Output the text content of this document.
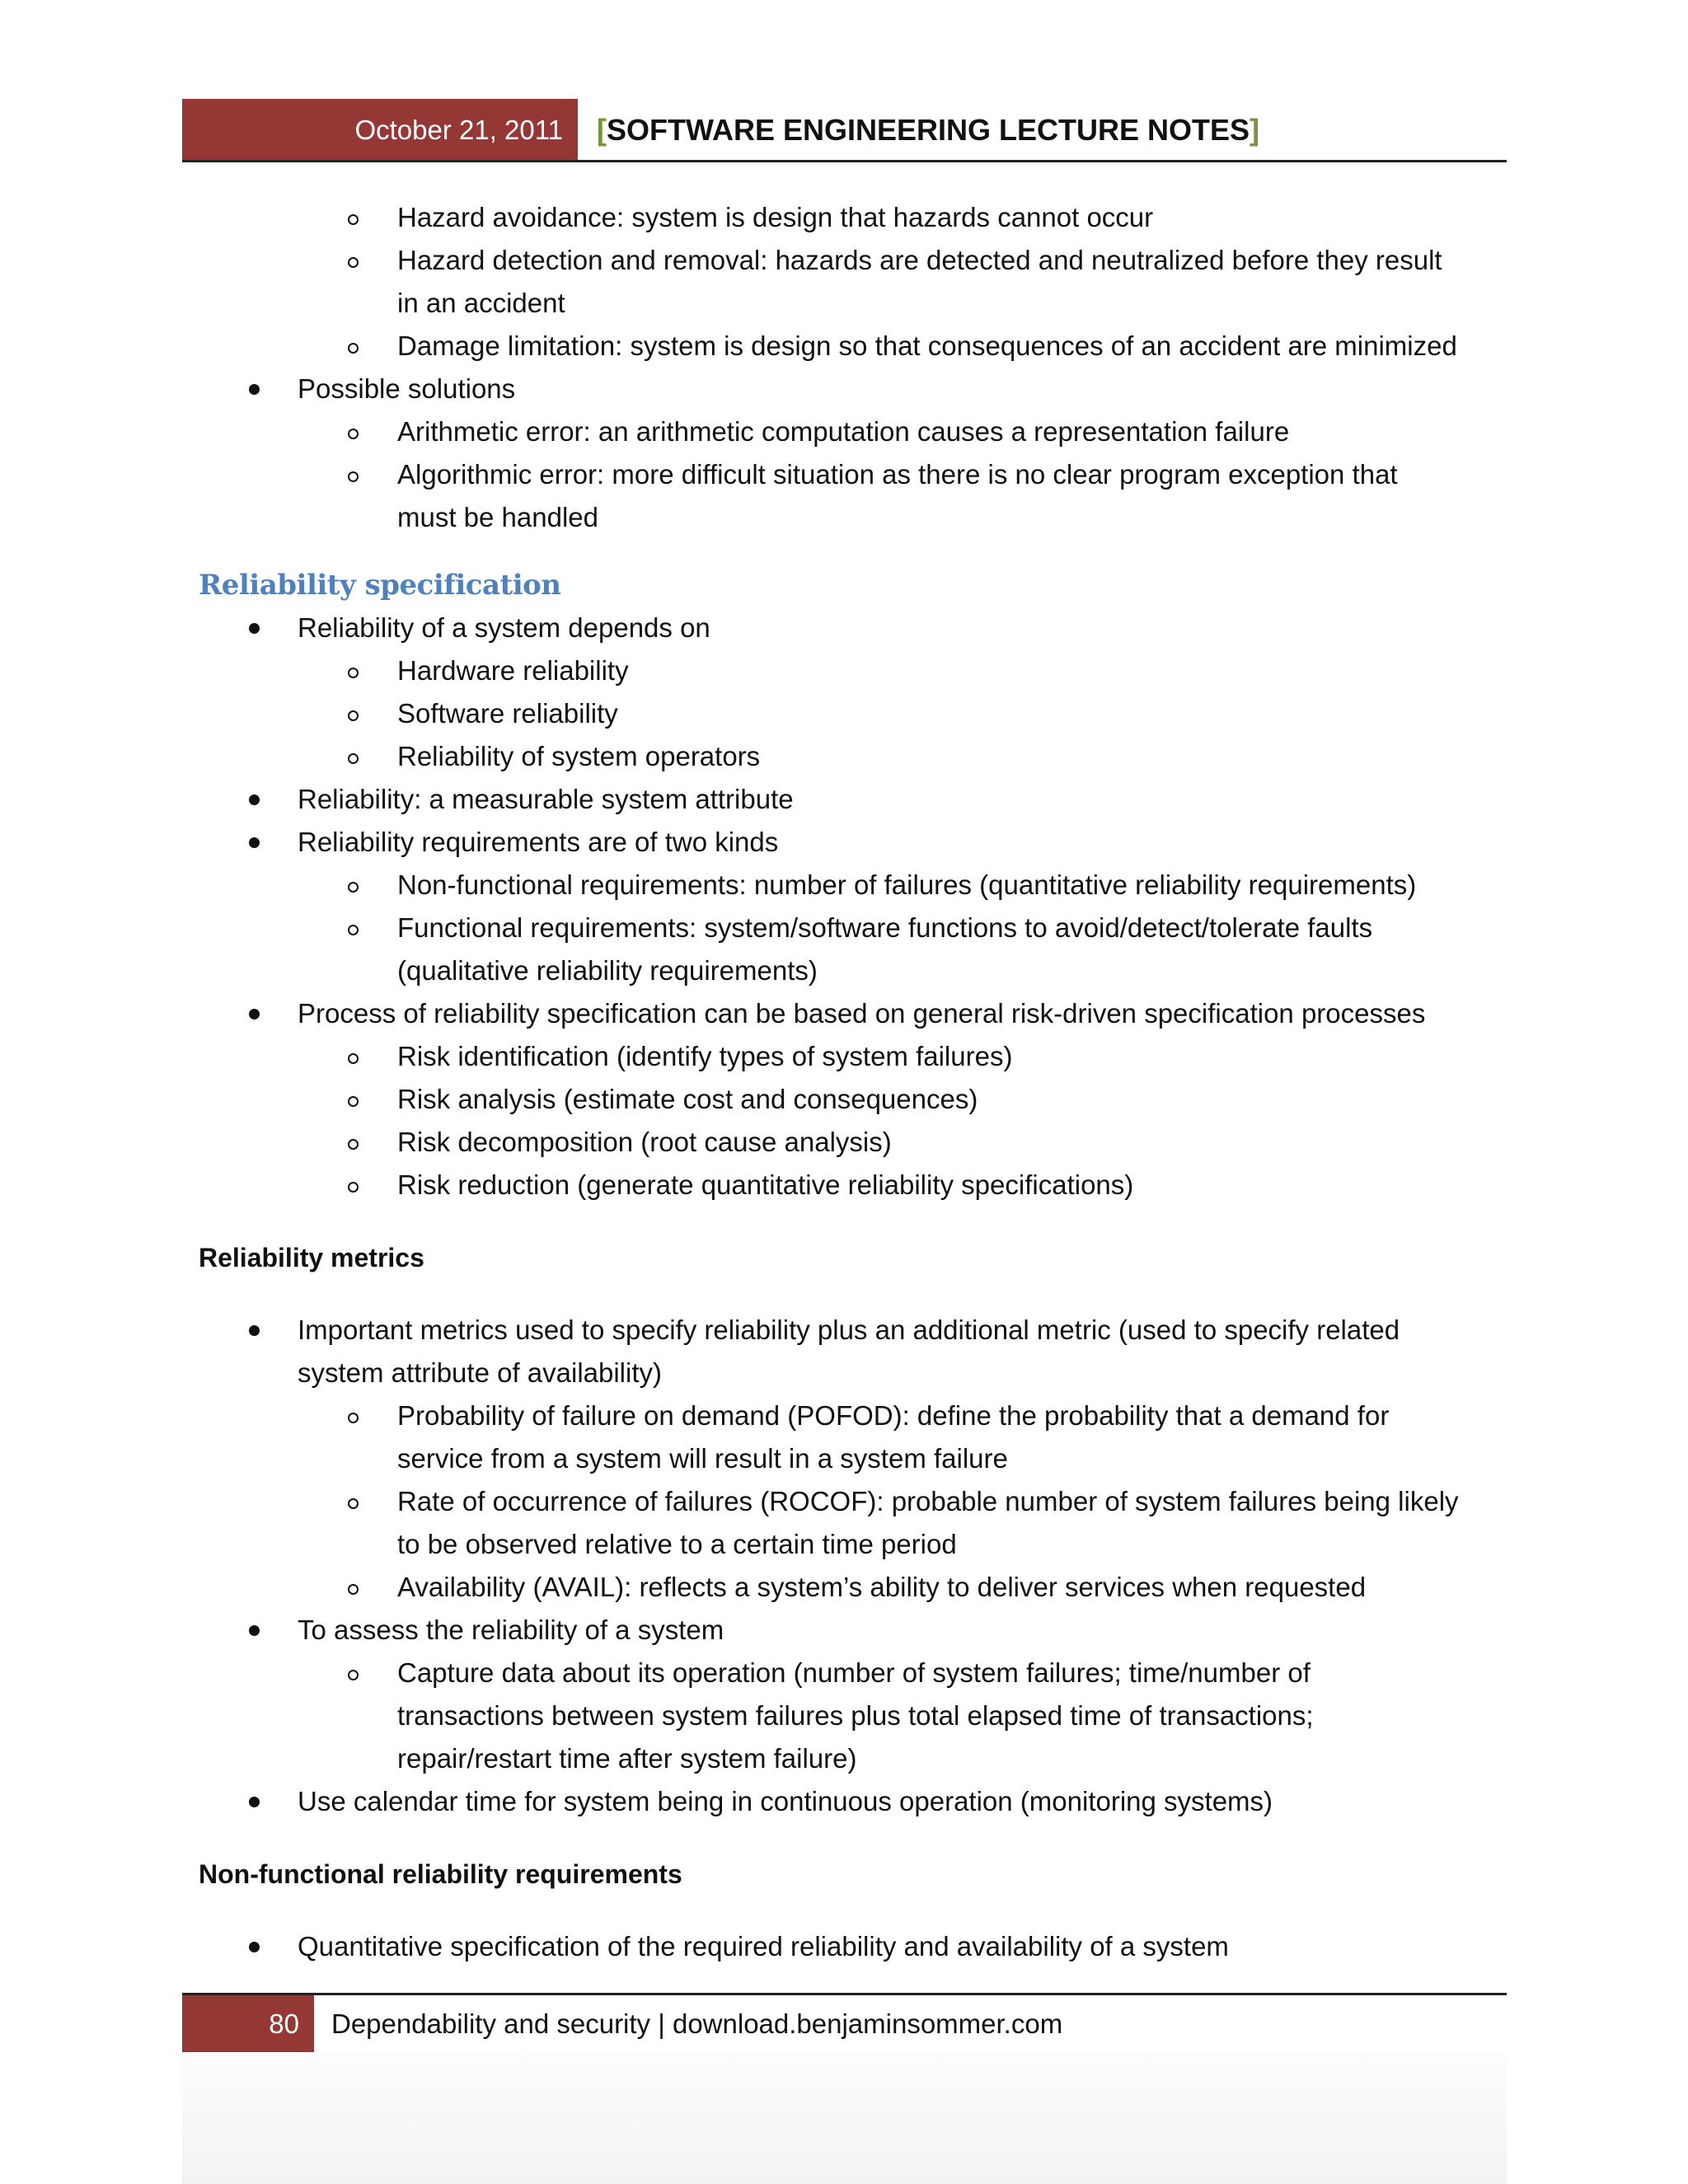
October 21, 2011	[SOFTWARE ENGINEERING LECTURE NOTES]
Hazard avoidance: system is design that hazards cannot occur
Hazard detection and removal: hazards are detected and neutralized before they result
in an accident
Damage limitation: system is design so that consequences of an accident are minimized
Possible solutions
Arithmetic error: an arithmetic computation causes a representation failure
Algorithmic error: more difficult situation as there is no clear program exception that
must be handled
Reliability specification
Reliability of a system depends on
Hardware reliability
Software reliability
Reliability of system operators
Reliability: a measurable system attribute
Reliability requirements are of two kinds
Non-functional requirements: number of failures (quantitative reliability requirements)
Functional requirements: system/software functions to avoid/detect/tolerate faults
(qualitative reliability requirements)
Process of reliability specification can be based on general risk-driven specification processes
Risk identification (identify types of system failures)
Risk analysis (estimate cost and consequences)
Risk decomposition (root cause analysis)
Risk reduction (generate quantitative reliability specifications)
Reliability metrics
Important metrics used to specify reliability plus an additional metric (used to specify related
system attribute of availability)
Probability of failure on demand (POFOD): define the probability that a demand for
service from a system will result in a system failure
Rate of occurrence of failures (ROCOF): probable number of system failures being likely
to be observed relative to a certain time period
Availability (AVAIL): reflects a system’s ability to deliver services when requested
To assess the reliability of a system
Capture data about its operation (number of system failures; time/number of
transactions between system failures plus total elapsed time of transactions;
repair/restart time after system failure)
Use calendar time for system being in continuous operation (monitoring systems)
Non-functional reliability requirements
Quantitative specification of the required reliability and availability of a system
80	Dependability and security | download.benjaminsommer.com
